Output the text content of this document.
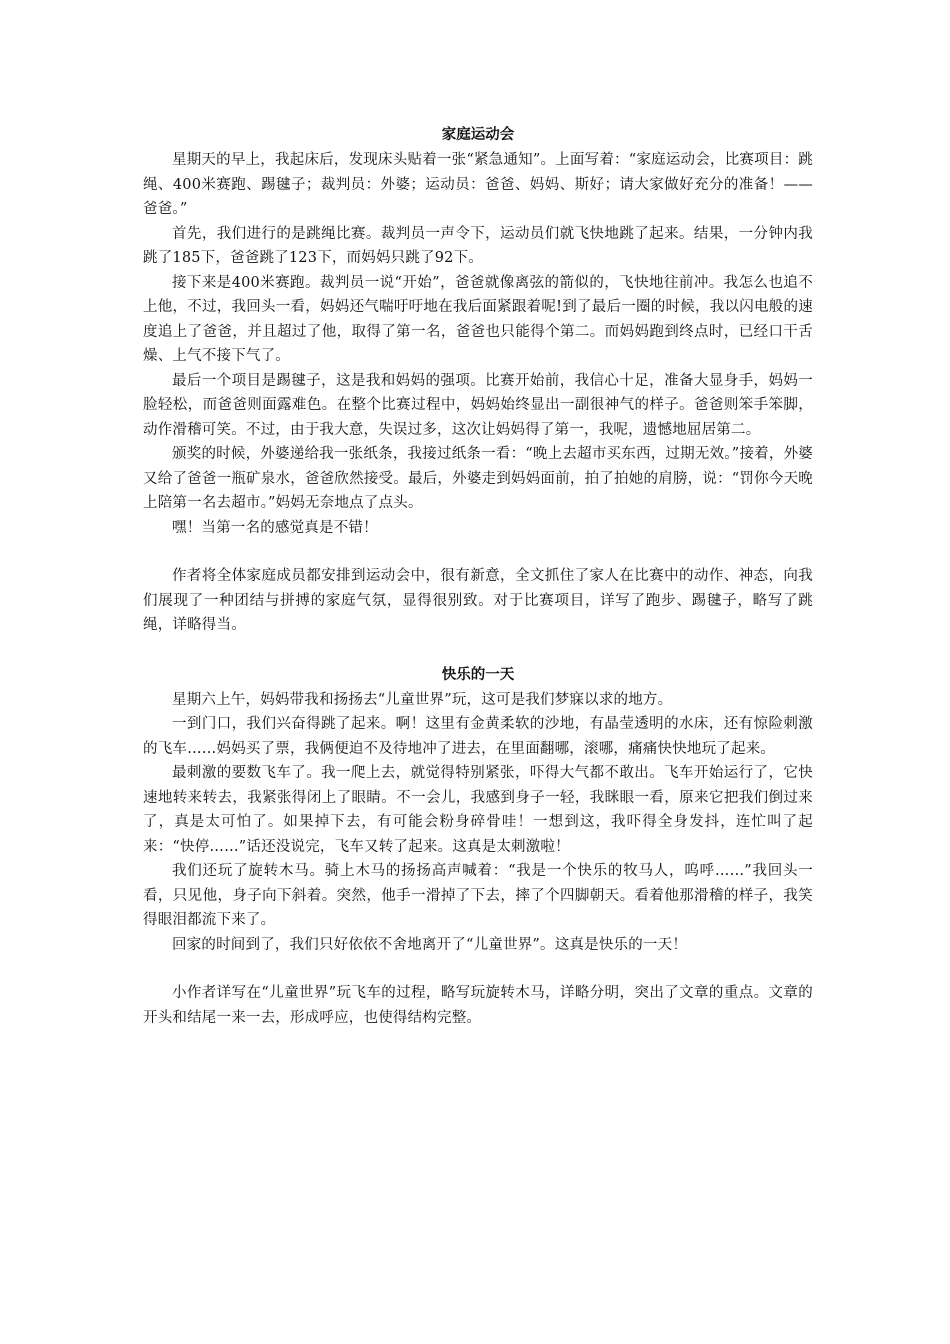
家庭运动会

星期天的早上，我起床后，发现床头贴着一张“紧急通知”。上面写着：“家庭运动会，比赛项目：跳绳、400米赛跑、踢毽子；裁判员：外婆；运动员：爸爸、妈妈、斯好；请大家做好充分的准备！——爸爸。”

首先，我们进行的是跳绳比赛。裁判员一声令下，运动员们就飞快地跳了起来。结果，一分钟内我跳了185下，爸爸跳了123下，而妈妈只跳了92下。

接下来是400米赛跑。裁判员一说“开始”，爸爸就像离弦的箭似的，飞快地往前冲。我怎么也追不上他，不过，我回头一看，妈妈还气喘吁吁地在我后面紧跟着呢!到了最后一圈的时候，我以闪电般的速度追上了爸爸，并且超过了他，取得了第一名，爸爸也只能得个第二。而妈妈跑到终点时，已经口干舌燥、上气不接下气了。

最后一个项目是踢毽子，这是我和妈妈的强项。比赛开始前，我信心十足，准备大显身手，妈妈一脸轻松，而爸爸则面露难色。在整个比赛过程中，妈妈始终显出一副很神气的样子。爸爸则笨手笨脚，动作滑稽可笑。不过，由于我大意，失误过多，这次让妈妈得了第一，我呢，遗憾地屈居第二。

颁奖的时候，外婆递给我一张纸条，我接过纸条一看：“晚上去超市买东西，过期无效。”接着，外婆又给了爸爸一瓶矿泉水，爸爸欣然接受。最后，外婆走到妈妈面前，拍了拍她的肩膀，说：“罚你今天晚上陪第一名去超市。”妈妈无奈地点了点头。

嘿！当第一名的感觉真是不错！

作者将全体家庭成员都安排到运动会中，很有新意，全文抓住了家人在比赛中的动作、神态，向我们展现了一种团结与拼搏的家庭气氛，显得很别致。对于比赛项目，详写了跑步、踢毽子，略写了跳绳，详略得当。

快乐的一天

星期六上午，妈妈带我和扬扬去“儿童世界”玩，这可是我们梦寐以求的地方。

一到门口，我们兴奋得跳了起来。啊！这里有金黄柔软的沙地，有晶莹透明的水床，还有惊险刺激的飞车……妈妈买了票，我俩便迫不及待地冲了进去，在里面翻哪，滚哪，痛痛快快地玩了起来。

最刺激的要数飞车了。我一爬上去，就觉得特别紧张，吓得大气都不敢出。飞车开始运行了，它快速地转来转去，我紧张得闭上了眼睛。不一会儿，我感到身子一轻，我眯眼一看，原来它把我们倒过来了，真是太可怕了。如果掉下去，有可能会粉身碎骨哇！一想到这，我吓得全身发抖，连忙叫了起来：“快停……”话还没说完，飞车又转了起来。这真是太刺激啦！

我们还玩了旋转木马。骑上木马的扬扬高声喊着：“我是一个快乐的牧马人，呜呼……”我回头一看，只见他，身子向下斜着。突然，他手一滑掉了下去，摔了个四脚朝天。看着他那滑稽的样子，我笑得眼泪都流下来了。

回家的时间到了，我们只好依依不舍地离开了“儿童世界”。这真是快乐的一天！

小作者详写在“儿童世界”玩飞车的过程，略写玩旋转木马，详略分明，突出了文章的重点。文章的开头和结尾一来一去，形成呼应，也使得结构完整。
